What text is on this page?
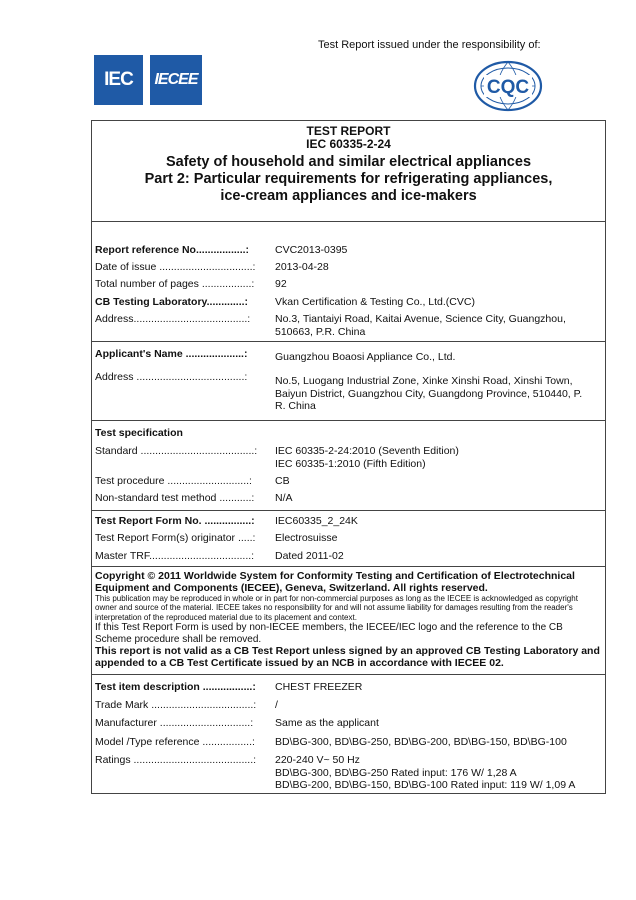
Test Report issued under the responsibility of:
IEC	IECEE	CQC
TEST REPORT
IEC 60335-2-24
Safety of household and similar electrical appliances
Part 2: Particular requirements for refrigerating appliances,
ice-cream appliances and ice-makers
Report reference No.................:	CVC2013-0395
Date of issue ................................:	2013-04-28
Total number of pages .................:	92
CB Testing Laboratory.............:	Vkan Certification & Testing Co., Ltd.(CVC)
Address.......................................:	No.3, Tiantaiyi Road, Kaitai Avenue, Science City, Guangzhou, 510663, P.R. China
Applicant's Name ....................:	Guangzhou Boaosi Appliance Co., Ltd.
Address .....................................:	No.5, Luogang Industrial Zone, Xinke Xinshi Road, Xinshi Town, Baiyun District, Guangzhou City, Guangdong Province, 510440, P. R. China
Test specification
Standard .......................................:	IEC 60335-2-24:2010 (Seventh Edition)
IEC 60335-1:2010 (Fifth Edition)
Test procedure ............................:	CB
Non-standard test method ...........:	N/A
Test Report Form No. ................:	IEC60335_2_24K
Test Report Form(s) originator .....:	Electrosuisse
Master TRF...................................:	Dated 2011-02
Copyright © 2011 Worldwide System for Conformity Testing and Certification of Electrotechnical Equipment and Components (IECEE), Geneva, Switzerland. All rights reserved.
This publication may be reproduced in whole or in part for non-commercial purposes as long as the IECEE is acknowledged as copyright owner and source of the material. IECEE takes no responsibility for and will not assume liability for damages resulting from the reader's interpretation of the reproduced material due to its placement and context.
If this Test Report Form is used by non-IECEE members, the IECEE/IEC logo and the reference to the CB Scheme procedure shall be removed.
This report is not valid as a CB Test Report unless signed by an approved CB Testing Laboratory and appended to a CB Test Certificate issued by an NCB in accordance with IECEE 02.
Test item description .................:	CHEST FREEZER
Trade Mark ...................................:	/
Manufacturer ...............................:	Same as the applicant
Model /Type reference .................:	BD\BG-300, BD\BG-250, BD\BG-200, BD\BG-150, BD\BG-100
Ratings .........................................:	220-240 V~ 50 Hz
BD\BG-300, BD\BG-250 Rated input: 176 W/ 1,28 A
BD\BG-200, BD\BG-150, BD\BG-100 Rated input: 119 W/ 1,09 A
